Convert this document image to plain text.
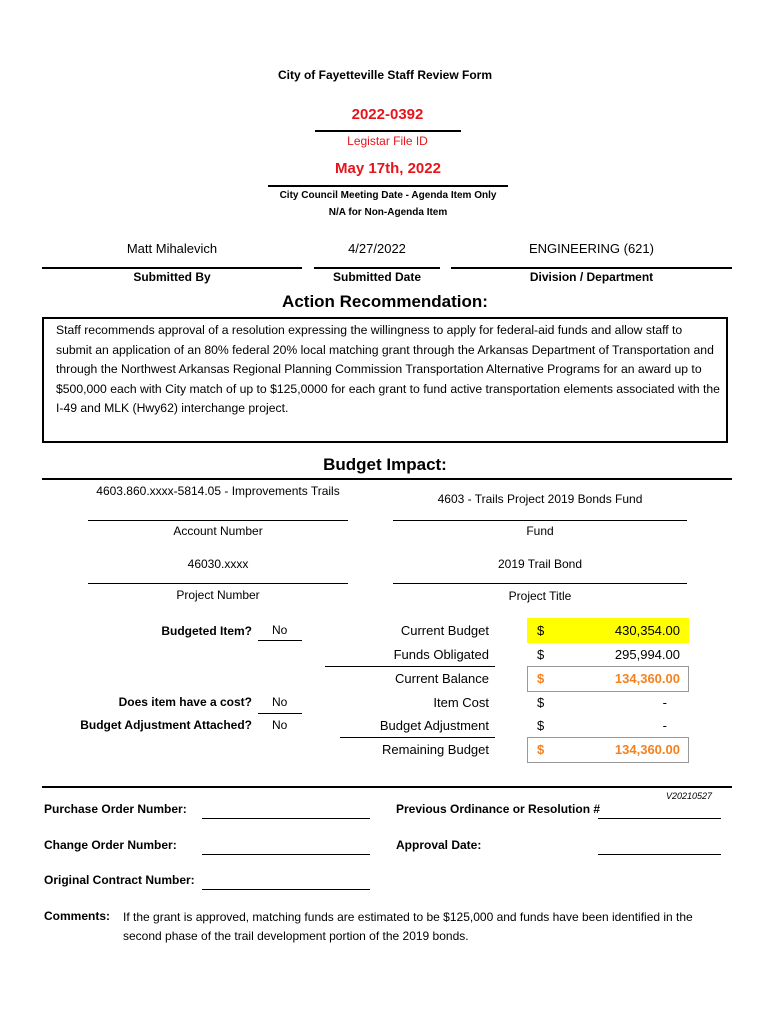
City of Fayetteville Staff Review Form
2022-0392
Legistar File ID
May 17th, 2022
City Council Meeting Date - Agenda Item Only
N/A for Non-Agenda Item
Matt Mihalevich
Submitted By
4/27/2022
Submitted Date
ENGINEERING (621)
Division / Department
Action Recommendation:
Staff recommends approval of a resolution expressing the willingness to apply for federal-aid funds and allow staff to submit an application of an 80% federal 20% local matching grant through the Arkansas Department of Transportation and through the Northwest Arkansas Regional Planning Commission Transportation Alternative Programs for an award up to $500,000 each with City match of up to $125,0000 for each grant to fund active transportation elements associated with the I-49 and MLK (Hwy62) interchange project.
Budget Impact:
4603.860.xxxx-5814.05 - Improvements Trails
Account Number
4603 - Trails Project 2019 Bonds Fund
Fund
46030.xxxx
Project Number
2019 Trail Bond
Project Title
Budgeted Item? No
Does item have a cost? No
Budget Adjustment Attached? No
Current Budget	$	430,354.00
Funds Obligated	$	295,994.00
Current Balance	$	134,360.00
Item Cost	$	-
Budget Adjustment	$	-
Remaining Budget	$	134,360.00
V20210527
Purchase Order Number:	Previous Ordinance or Resolution #
Change Order Number:	Approval Date:
Original Contract Number:
Comments: If the grant is approved, matching funds are estimated to be $125,000 and funds have been identified in the second phase of the trail development portion of the 2019 bonds.
